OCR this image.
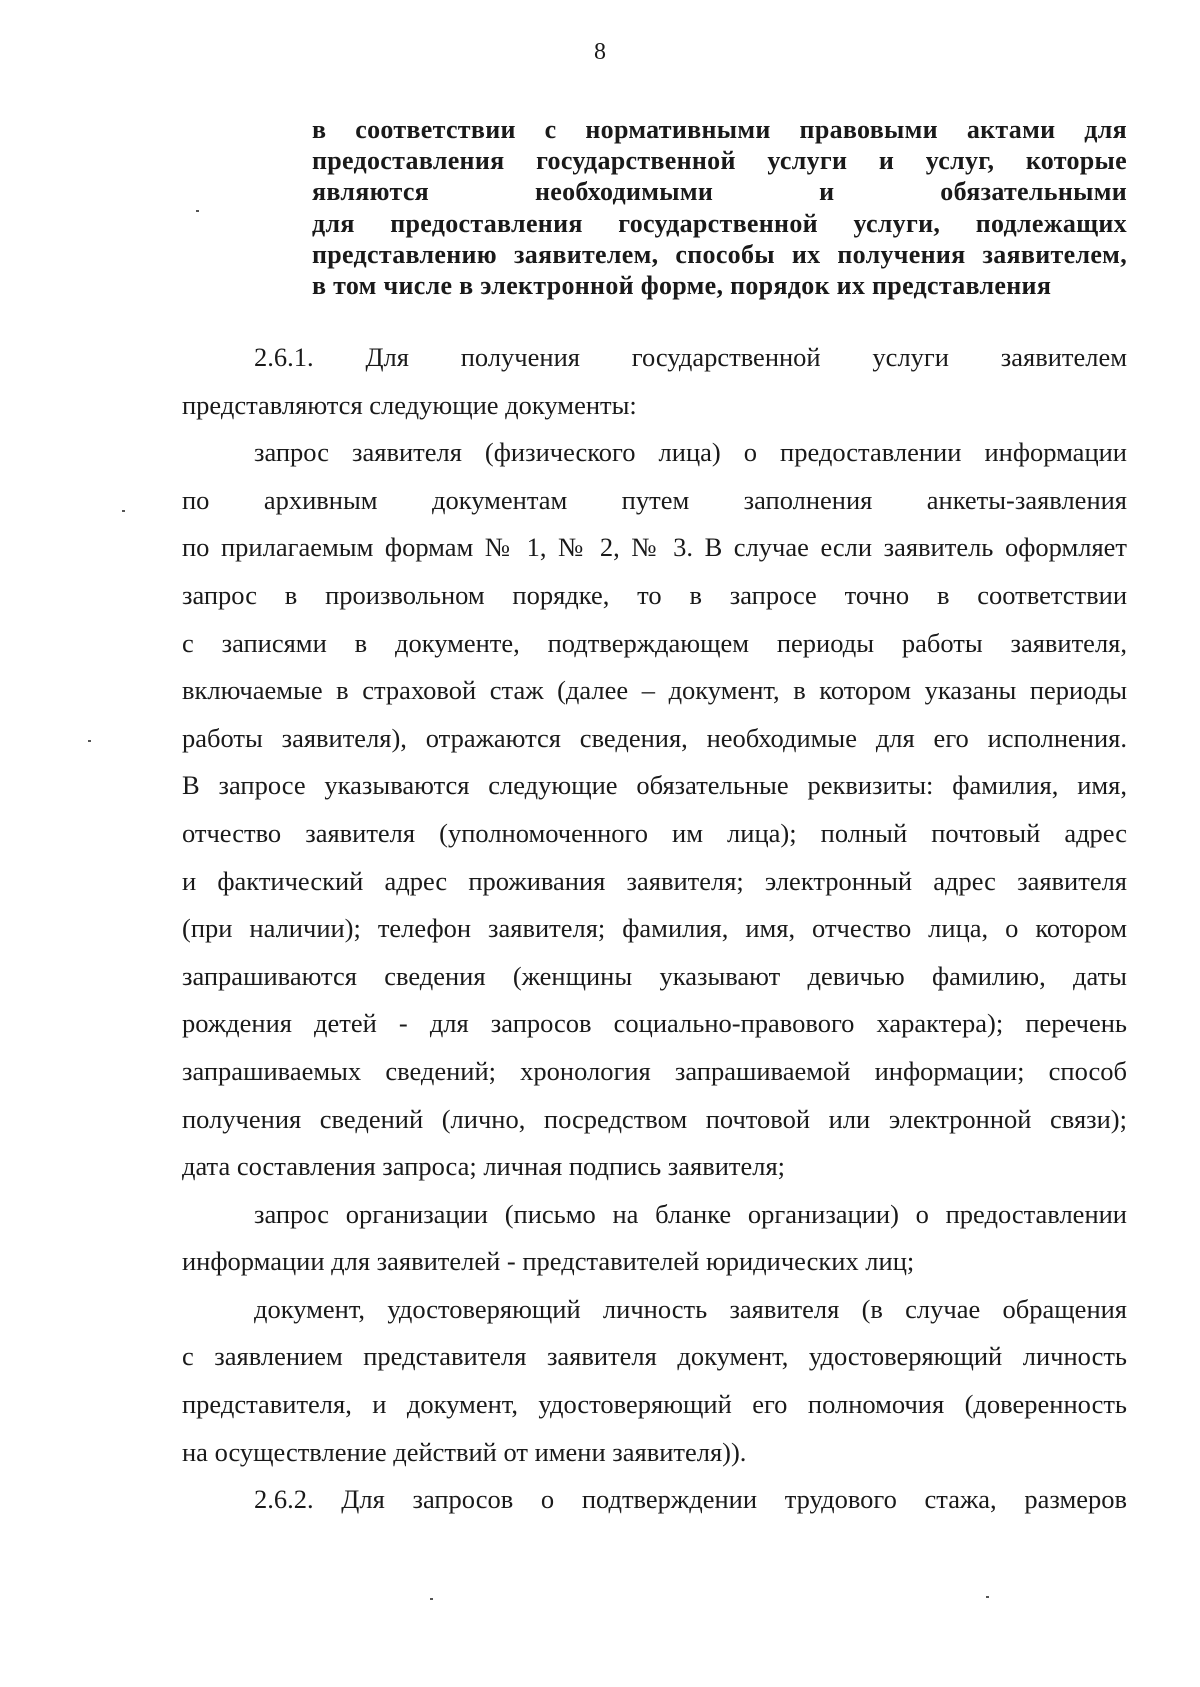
8
в соответствии с нормативными правовыми актами для
предоставления государственной услуги и услуг, которые
являются необходимыми и обязательными
для предоставления государственной услуги, подлежащих
представлению заявителем, способы их получения заявителем,
в том числе в электронной форме, порядок их представления
2.6.1. Для получения государственной услуги заявителем
представляются следующие документы:
запрос заявителя (физического лица) о предоставлении информации
по архивным документам путем заполнения анкеты-заявления
по прилагаемым формам № 1, № 2, № 3. В случае если заявитель оформляет
запрос в произвольном порядке, то в запросе точно в соответствии
с записями в документе, подтверждающем периоды работы заявителя,
включаемые в страховой стаж (далее – документ, в котором указаны периоды
работы заявителя), отражаются сведения, необходимые для его исполнения.
В запросе указываются следующие обязательные реквизиты: фамилия, имя,
отчество заявителя (уполномоченного им лица); полный почтовый адрес
и фактический адрес проживания заявителя; электронный адрес заявителя
(при наличии); телефон заявителя; фамилия, имя, отчество лица, о котором
запрашиваются сведения (женщины указывают девичью фамилию, даты
рождения детей - для запросов социально-правового характера); перечень
запрашиваемых сведений; хронология запрашиваемой информации; способ
получения сведений (лично, посредством почтовой или электронной связи);
дата составления запроса; личная подпись заявителя;
запрос организации (письмо на бланке организации) о предоставлении
информации для заявителей - представителей юридических лиц;
документ, удостоверяющий личность заявителя (в случае обращения
с заявлением представителя заявителя документ, удостоверяющий личность
представителя, и документ, удостоверяющий его полномочия (доверенность
на осуществление действий от имени заявителя)).
2.6.2. Для запросов о подтверждении трудового стажа, размеров
